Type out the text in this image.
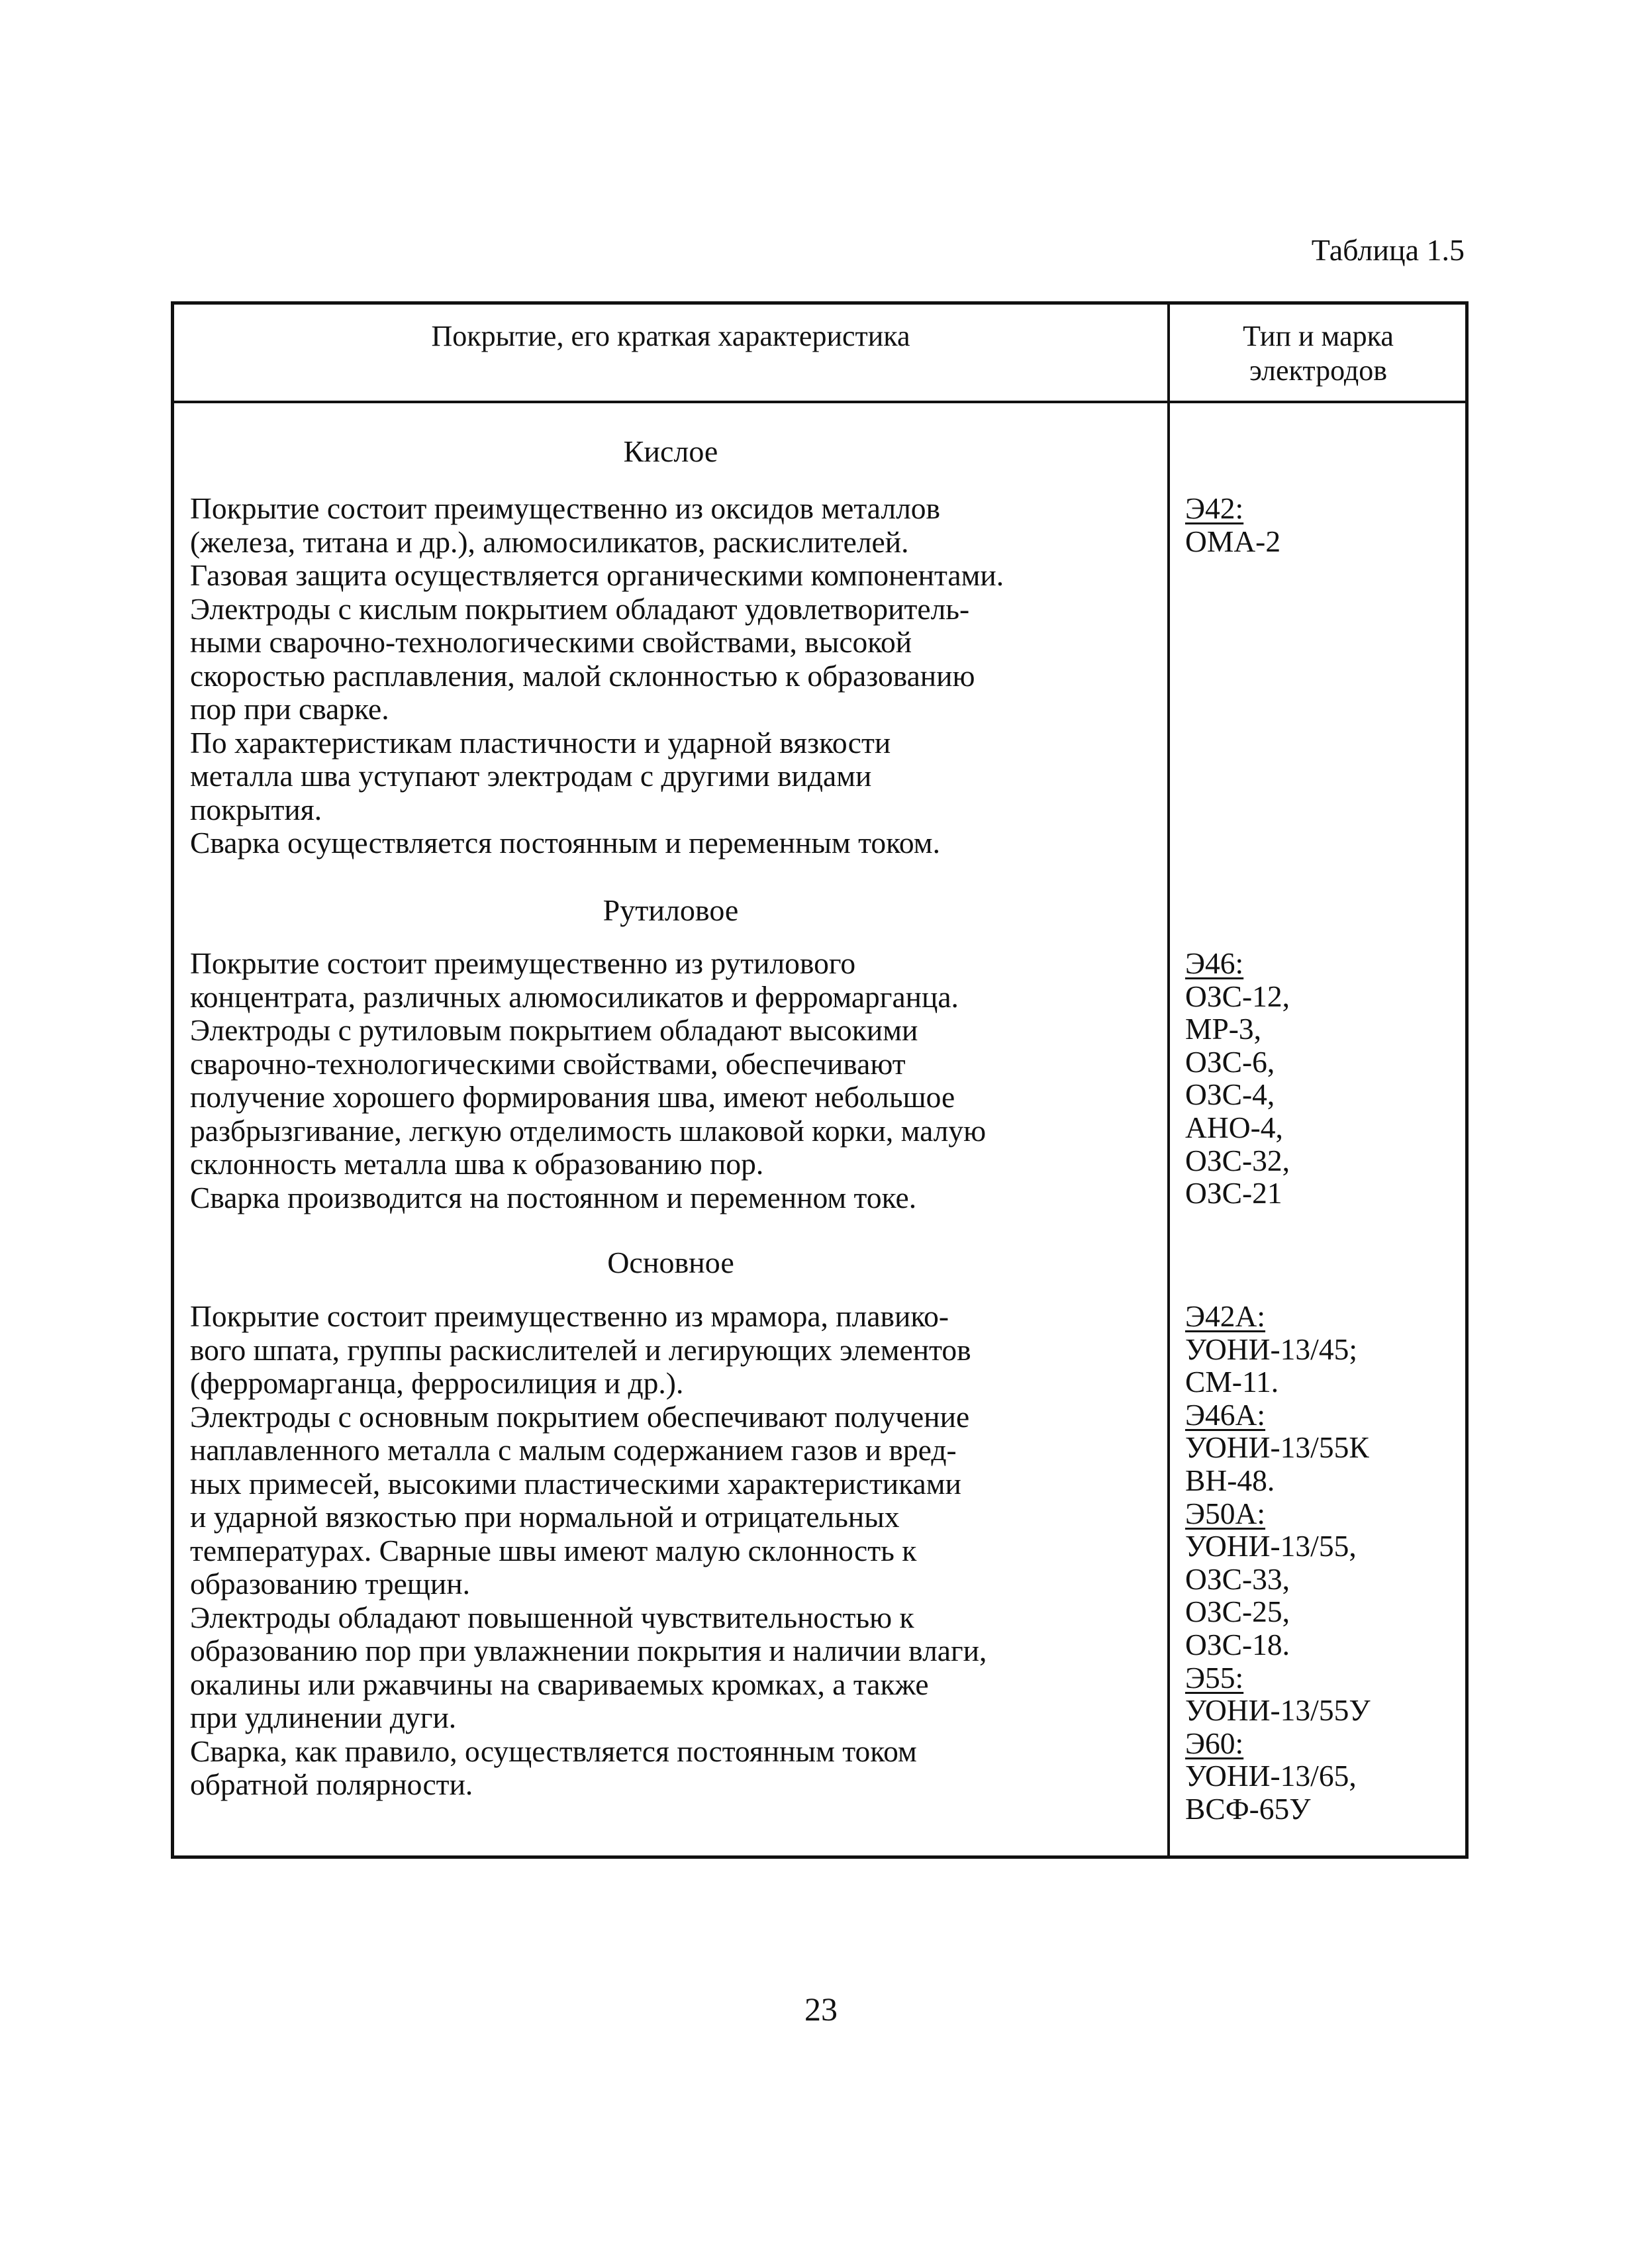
Таблица 1.5
Покрытие, его краткая характеристика	Тип и марка
электродов
Кислое
Покрытие состоит преимущественно из оксидов металлов
(железа, титана и др.), алюмосиликатов, раскислителей.
Газовая защита осуществляется органическими компонентами.
Электроды с кислым покрытием обладают удовлетворитель-
ными сварочно-технологическими свойствами, высокой
скоростью расплавления, малой склонностью к образованию
пор при сварке.
По характеристикам пластичности и ударной вязкости
металла шва уступают электродам с другими видами
покрытия.
Сварка осуществляется постоянным и переменным током.
Э42:
ОМА-2
Рутиловое
Покрытие состоит преимущественно из рутилового
концентрата, различных алюмосиликатов и ферромарганца.
Электроды с рутиловым покрытием обладают высокими
сварочно-технологическими свойствами, обеспечивают
получение хорошего формирования шва, имеют небольшое
разбрызгивание, легкую отделимость шлаковой корки, малую
склонность металла шва к образованию пор.
Сварка производится на постоянном и переменном токе.
Э46:
ОЗС-12,
МР-3,
ОЗС-6,
ОЗС-4,
АНО-4,
ОЗС-32,
ОЗС-21
Основное
Покрытие состоит преимущественно из мрамора, плавико-
вого шпата, группы раскислителей и легирующих элементов
(ферромарганца, ферросилиция и др.).
Электроды с основным покрытием обеспечивают получение
наплавленного металла с малым содержанием газов и вред-
ных примесей, высокими пластическими характеристиками
и ударной вязкостью при нормальной и отрицательных
температурах. Сварные швы имеют малую склонность к
образованию трещин.
Электроды обладают повышенной чувствительностью к
образованию пор при увлажнении покрытия и наличии влаги,
окалины или ржавчины на свариваемых кромках, а также
при удлинении дуги.
Сварка, как правило, осуществляется постоянным током
обратной полярности.
Э42А:
УОНИ-13/45;
СМ-11.
Э46А:
УОНИ-13/55К
ВН-48.
Э50А:
УОНИ-13/55,
ОЗС-33,
ОЗС-25,
ОЗС-18.
Э55:
УОНИ-13/55У
Э60:
УОНИ-13/65,
ВСФ-65У
23
